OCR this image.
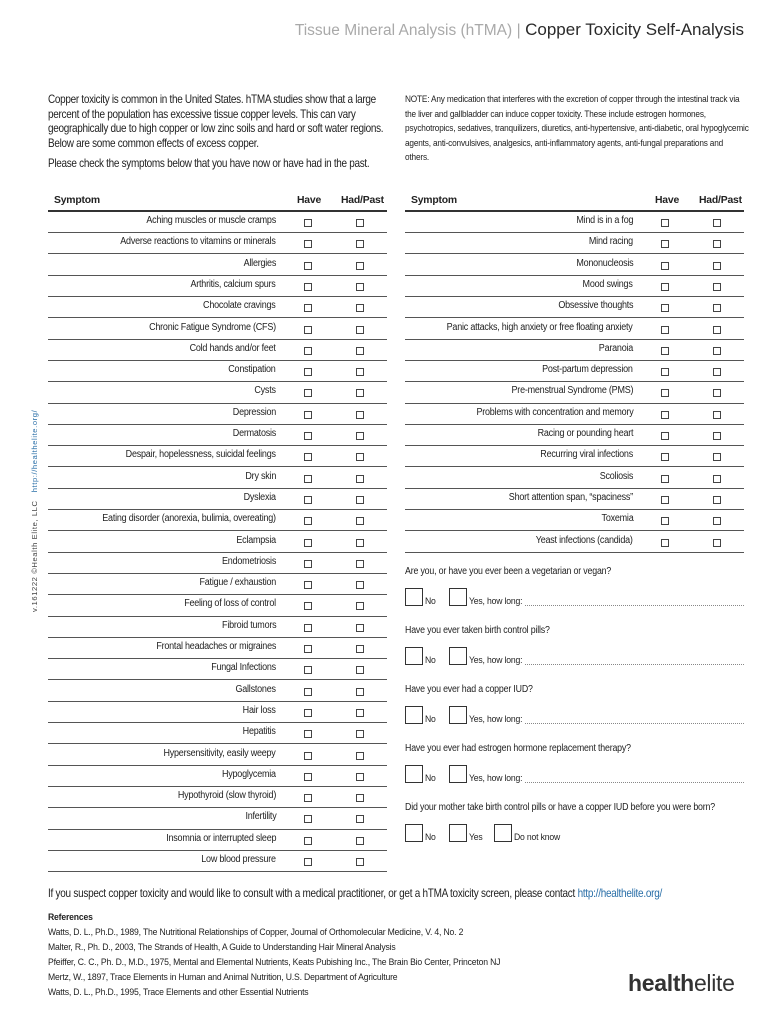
Tissue Mineral Analysis (hTMA) | Copper Toxicity Self-Analysis
Copper toxicity is common in the United States. hTMA studies show that a large percent of the population has excessive tissue copper levels. This can vary geographically due to high copper or low zinc soils and hard or soft water regions. Below are some common effects of excess copper.
Please check the symptoms below that you have now or have had in the past.
NOTE: Any medication that interferes with the excretion of copper through the intestinal track via the liver and gallbladder can induce copper toxicity. These include estrogen hormones, psychotropics, sedatives, tranquilizers, diuretics, anti-hypertensive, anti-diabetic, oral hypoglycemic agents, anti-convulsives, analgesics, anti-inflammatory agents, anti-fungal preparations and others.
v.161222 ©Health Elite, LLC   http://healthelite.org/
Symptom	Have Had/Past
Aching muscles or muscle cramps
Adverse reactions to vitamins or minerals
Allergies
Arthritis, calcium spurs
Chocolate cravings
Chronic Fatigue Syndrome (CFS)
Cold hands and/or feet
Constipation
Cysts
Depression
Dermatosis
Despair, hopelessness, suicidal feelings
Dry skin
Dyslexia
Eating disorder (anorexia, bulimia, overeating)
Eclampsia
Endometriosis
Fatigue / exhaustion
Feeling of loss of control
Fibroid tumors
Frontal headaches or migraines
Fungal Infections
Gallstones
Hair loss
Hepatitis
Hypersensitivity, easily weepy
Hypoglycemia
Hypothyroid (slow thyroid)
Infertility
Insomnia or interrupted sleep
Low blood pressure
Symptom	Have Had/Past
Mind is in a fog
Mind racing
Mononucleosis
Mood swings
Obsessive thoughts
Panic attacks, high anxiety or free floating anxiety
Paranoia
Post-partum depression
Pre-menstrual Syndrome (PMS)
Problems with concentration and memory
Racing or pounding heart
Recurring viral infections
Scoliosis
Short attention span, “spaciness”
Toxemia
Yeast infections (candida)
Are you, or have you ever been a vegetarian or vegan?
No	Yes, how long:
Have you ever taken birth control pills?
No	Yes, how long:
Have you ever had a copper IUD?
No	Yes, how long:
Have you ever had estrogen hormone replacement therapy?
No	Yes, how long:
Did your mother take birth control pills or have a copper IUD before you were born?
No	Yes	Do not know
If you suspect copper toxicity and would like to consult with a medical practitioner, or get a hTMA toxicity screen, please contact http://healthelite.org/
References
Watts, D. L., Ph.D., 1989, The Nutritional Relationships of Copper, Journal of Orthomolecular Medicine, V. 4, No. 2
Malter, R., Ph. D., 2003, The Strands of Health, A Guide to Understanding Hair Mineral Analysis
Pfeiffer, C. C., Ph. D., M.D., 1975, Mental and Elemental Nutrients, Keats Pubishing Inc., The Brain Bio Center, Princeton NJ
Mertz, W., 1897, Trace Elements in Human and Animal Nutrition, U.S. Department of Agriculture
Watts, D. L., Ph.D., 1995, Trace Elements and other Essential Nutrients	healthelite
